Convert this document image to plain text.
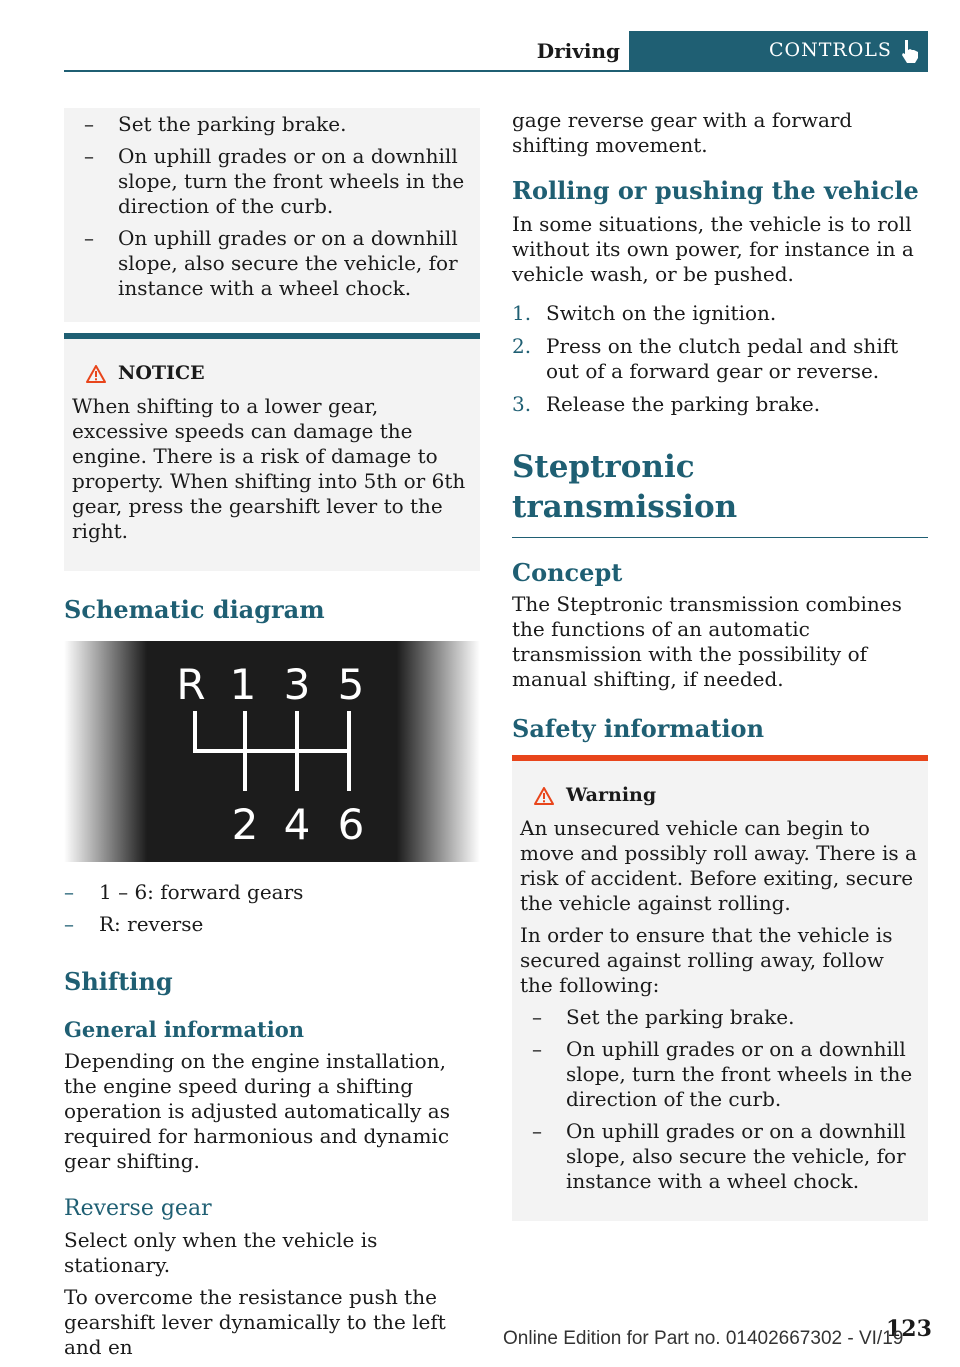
Driving	CONTROLS
– Set the parking brake.
– On uphill grades or on a downhill slope, turn the front wheels in the direction of the curb.
– On uphill grades or on a downhill slope, also secure the vehicle, for instance with a wheel chock.
NOTICE

When shifting to a lower gear, excessive speeds can damage the engine. There is a risk of damage to property. When shifting into 5th or 6th gear, press the gearshift lever to the right.

Schematic diagram
R 1 3 5
2 4 6
– 1 – 6: forward gears
– R: reverse
Shifting
General information

Depending on the engine installation, the engine speed during a shifting operation is adjusted automatically as required for harmonious and dynamic gear shifting.

Reverse gear

Select only when the vehicle is stationary.

To overcome the resistance push the gearshift lever dynamically to the left and en

gage reverse gear with a forward shifting movement.

Rolling or pushing the vehicle

In some situations, the vehicle is to roll without its own power, for instance in a vehicle wash, or be pushed.

1. Switch on the ignition.
2. Press on the clutch pedal and shift out of a forward gear or reverse.
3. Release the parking brake.
Steptronic transmission
Concept

The Steptronic transmission combines the functions of an automatic transmission with the possibility of manual shifting, if needed.

Safety information
Warning

An unsecured vehicle can begin to move and possibly roll away. There is a risk of accident. Before exiting, secure the vehicle against rolling.

In order to ensure that the vehicle is secured against rolling away, follow the following:

– Set the parking brake.
– On uphill grades or on a downhill slope, turn the front wheels in the direction of the curb.
– On uphill grades or on a downhill slope, also secure the vehicle, for instance with a wheel chock.
123
Online Edition for Part no. 01402667302 - VI/19
